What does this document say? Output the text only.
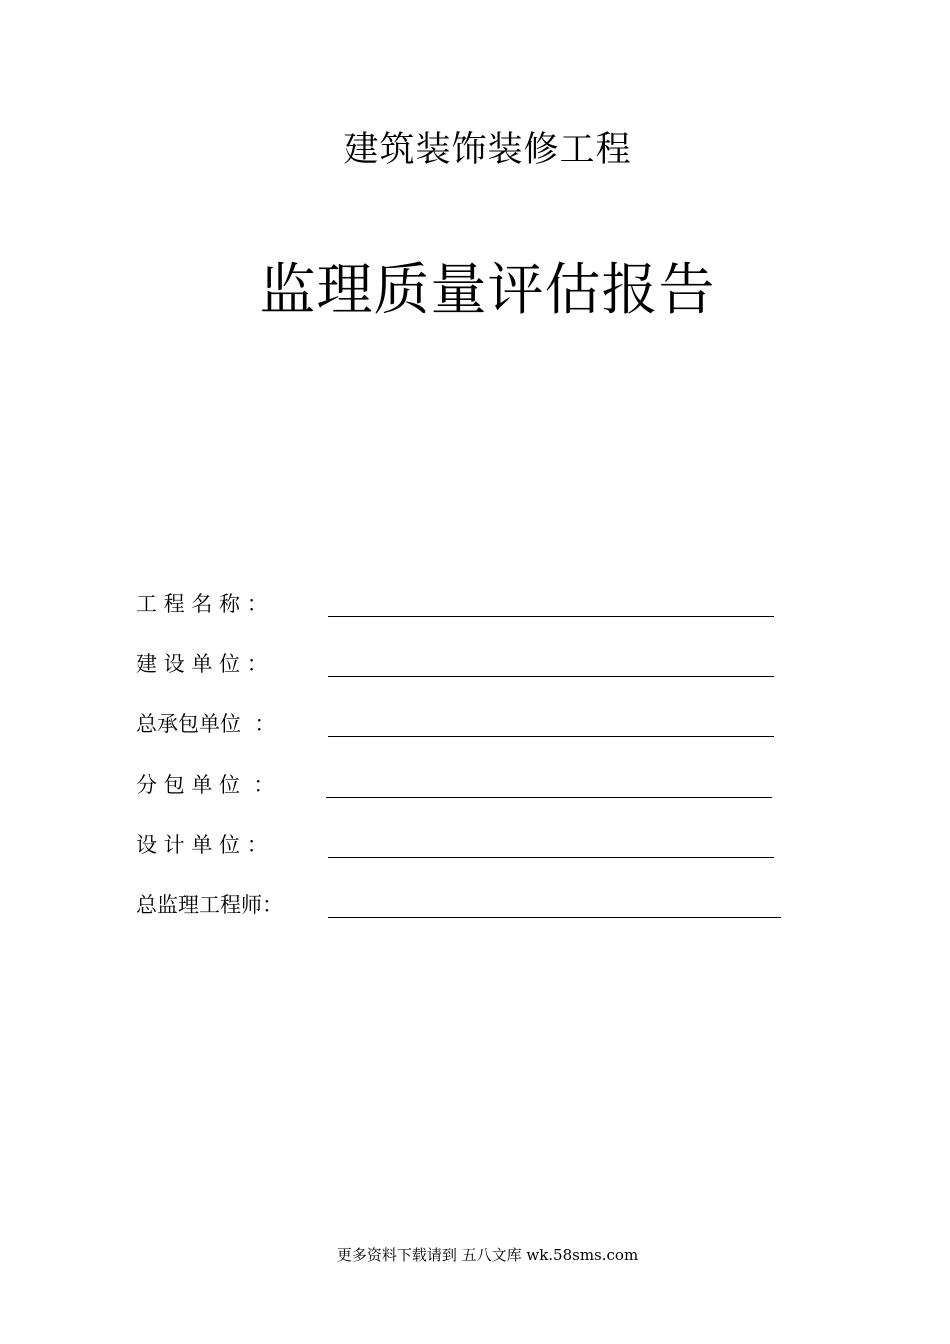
建筑装饰装修工程
监理质量评估报告
工 程 名 称 ：
建 设 单 位 ：
总承包单位  ：
分 包 单 位  ：
设 计 单 位 ：
总监理工程师：
更多资料下载请到 五八文库 wk.58sms.com
